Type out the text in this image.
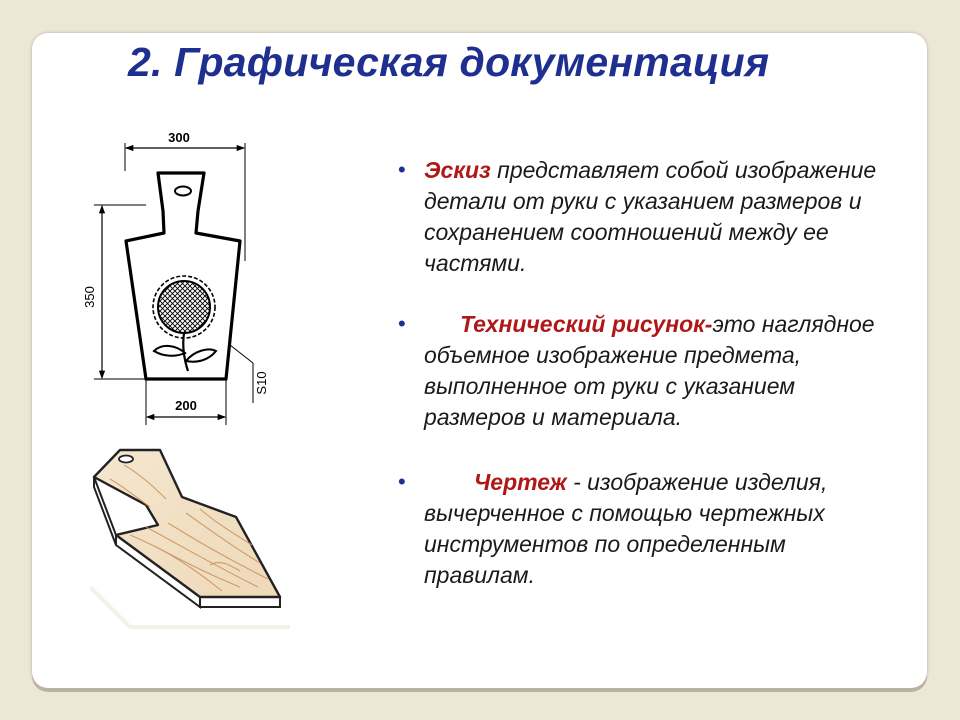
2. Графическая документация
300
350
200
S10
• Эскиз представляет собой изображение детали от руки с указанием размеров и сохранением соотношений между ее частями.

•	Технический рисунок-это наглядное объемное изображение предмета, выполненное от руки с указанием размеров и материала.

•	Чертеж - изображение изделия, вычерченное с помощью чертежных инструментов по определенным правилам.
